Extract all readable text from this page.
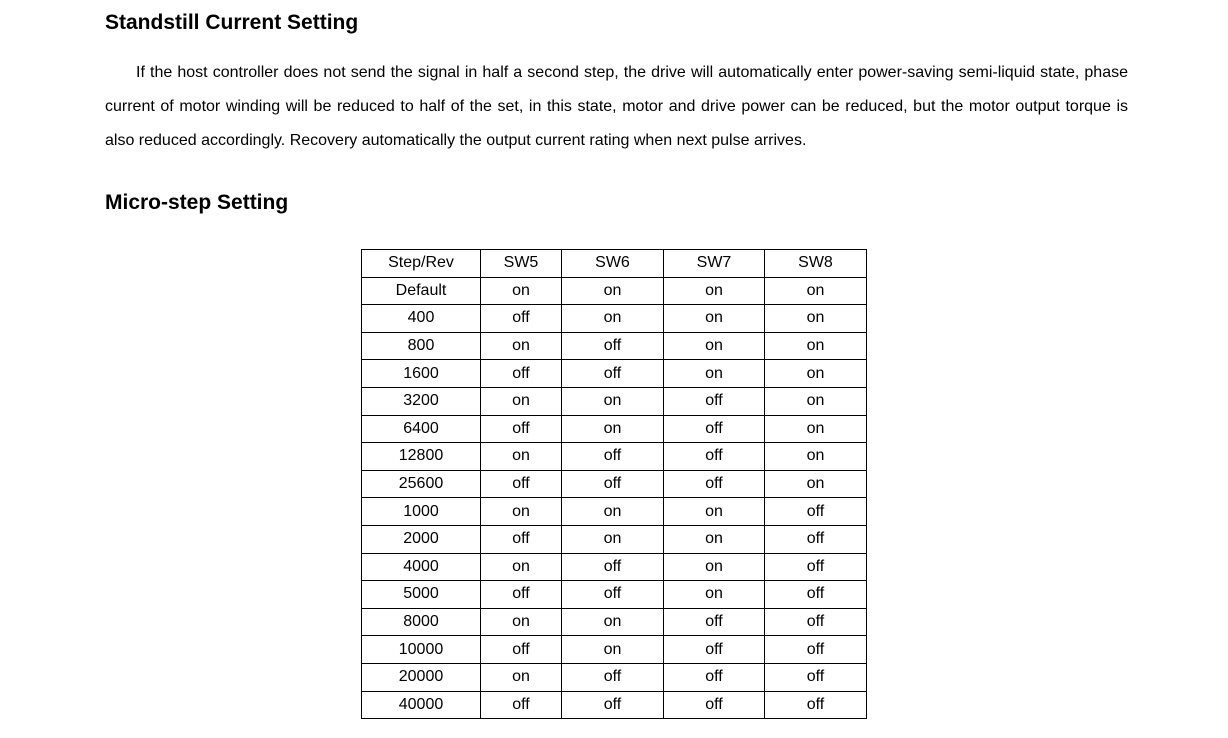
Standstill Current Setting

If the host controller does not send the signal in half a second step, the drive will automatically enter power-saving semi-liquid state, phase current of motor winding will be reduced to half of the set, in this state, motor and drive power can be reduced, but the motor output torque is also reduced accordingly. Recovery automatically the output current rating when next pulse arrives.

Micro-step Setting
Step/Rev	SW5	SW6	SW7	SW8
Default	on	on	on	on
400	off	on	on	on
800	on	off	on	on
1600	off	off	on	on
3200	on	on	off	on
6400	off	on	off	on
12800	on	off	off	on
25600	off	off	off	on
1000	on	on	on	off
2000	off	on	on	off
4000	on	off	on	off
5000	off	off	on	off
8000	on	on	off	off
10000	off	on	off	off
20000	on	off	off	off
40000	off	off	off	off
